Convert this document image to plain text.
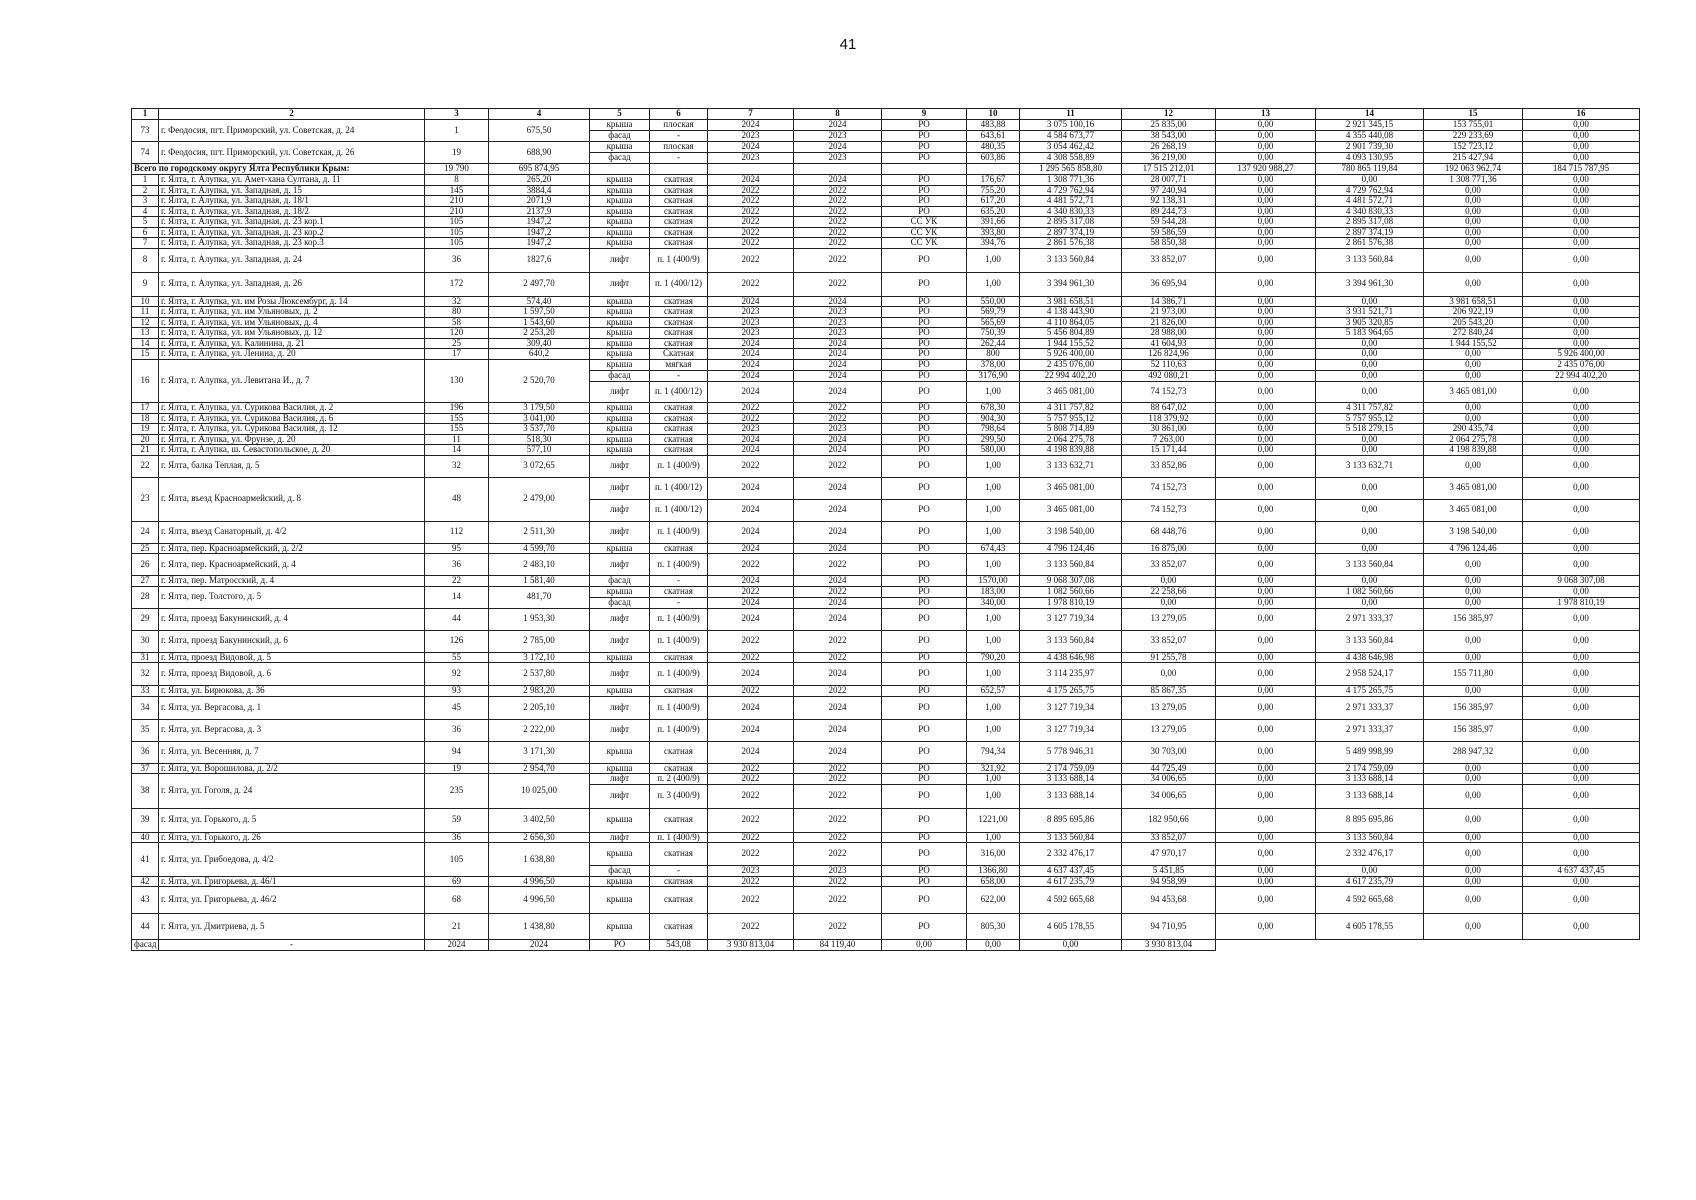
41
1	2	3	4	5	6	7	8	9	10	11	12	13	14	15	16
73	г. Феодосия, пгт. Приморский, ул. Советская, д. 24	1	675,50	крыша	плоская	2024	2024	РО	483,88	3 075 100,16	25 835,00	0,00	2 921 345,15	153 755,01	0,00
				фасад	-	2023	2023	РО	643,61	4 584 673,77	38 543,00	0,00	4 355 440,08	229 233,69	0,00
74	г. Феодосия, пгт. Приморский, ул. Советская, д. 26	19	688,90	крыша	плоская	2024	2024	РО	480,35	3 054 462,42	26 268,19	0,00	2 901 739,30	152 723,12	0,00
				фасад	-	2023	2023	РО	603,86	4 308 558,89	36 219,00	0,00	4 093 130,95	215 427,94	0,00
Всего по городскому округу Ялта Республики Крым:		19 790	695 874,95							1 295 565 858,80	17 515 212,01	137 920 988,27	780 865 119,84	192 063 962,74	184 715 787,95
1	г. Ялта, г. Алупка, ул. Амет-хана Султана, д. 11	8	265,20	крыша	скатная	2024	2024	РО	176,67	1 308 771,36	28 007,71	0,00	0,00	1 308 771,36	0,00
2	г. Ялта, г. Алупка, ул. Западная, д. 15	145	3884,4	крыша	скатная	2022	2022	РО	755,20	4 729 762,94	97 240,94	0,00	4 729 762,94	0,00	0,00
3	г. Ялта, г. Алупка, ул. Западная, д. 18/1	210	2071,9	крыша	скатная	2022	2022	РО	617,20	4 481 572,71	92 138,31	0,00	4 481 572,71	0,00	0,00
4	г. Ялта, г. Алупка, ул. Западная, д. 18/2	210	2137,9	крыша	скатная	2022	2022	РО	635,20	4 340 830,33	89 244,73	0,00	4 340 830,33	0,00	0,00
5	г. Ялта, г. Алупка, ул. Западная, д. 23 кор.1	105	1947,2	крыша	скатная	2022	2022	СС УК	391,66	2 895 317,08	59 544,28	0,00	2 895 317,08	0,00	0,00
6	г. Ялта, г. Алупка, ул. Западная, д. 23 кор.2	105	1947,2	крыша	скатная	2022	2022	СС УК	393,80	2 897 374,19	59 586,59	0,00	2 897 374,19	0,00	0,00
7	г. Ялта, г. Алупка, ул. Западная, д. 23 кор.3	105	1947,2	крыша	скатная	2022	2022	СС УК	394,76	2 861 576,38	58 850,38	0,00	2 861 576,38	0,00	0,00
8	г. Ялта, г. Алупка, ул. Западная, д. 24	36	1827,6	лифт	п. 1 (400/9)	2022	2022	РО	1,00	3 133 560,84	33 852,07	0,00	3 133 560,84	0,00	0,00
9	г. Ялта, г. Алупка, ул. Западная, д. 26	172	2 497,70	лифт	п. 1 (400/12)	2022	2022	РО	1,00	3 394 961,30	36 695,94	0,00	3 394 961,30	0,00	0,00
10	г. Ялта, г. Алупка, ул. им Розы Люксембург, д. 14	32	574,40	крыша	скатная	2024	2024	РО	550,00	3 981 658,51	14 386,71	0,00	0,00	3 981 658,51	0,00
11	г. Ялта, г. Алупка, ул. им Ульяновых, д. 2	80	1 597,50	крыша	скатная	2023	2023	РО	569,79	4 138 443,90	21 973,00	0,00	3 931 521,71	206 922,19	0,00
12	г. Ялта, г. Алупка, ул. им Ульяновых, д. 4	58	1 543,60	крыша	скатная	2023	2023	РО	565,69	4 110 864,05	21 826,00	0,00	3 905 320,85	205 543,20	0,00
13	г. Ялта, г. Алупка, ул. им Ульяновых, д. 12	120	2 253,20	крыша	скатная	2023	2023	РО	750,39	5 456 804,89	28 988,00	0,00	5 183 964,65	272 840,24	0,00
14	г. Ялта, г. Алупка, ул. Калинина, д. 21	25	309,40	крыша	скатная	2024	2024	РО	262,44	1 944 155,52	41 604,93	0,00	0,00	1 944 155,52	0,00
15	г. Ялта, г. Алупка, ул. Ленина, д. 20	17	640,2	крыша	Скатная	2024	2024	РО	800	5 926 400,00	126 824,96	0,00	0,00	0,00	5 926 400,00
16	г. Ялта, г. Алупка, ул. Левитана И., д. 7	130	2 520,70	крыша	мягкая	2024	2024	РО	378,00	2 435 076,00	52 110,63	0,00	0,00	0,00	2 435 076,00
				фасад	-	2024	2024	РО	3176,90	22 994 402,20	492 080,21	0,00	0,00	0,00	22 994 402,20
				лифт	п. 1 (400/12)	2024	2024	РО	1,00	3 465 081,00	74 152,73	0,00	0,00	3 465 081,00	0,00
17	г. Ялта, г. Алупка, ул. Сурикова Василия, д. 2	196	3 179,50	крыша	скатная	2022	2022	РО	678,30	4 311 757,82	88 647,02	0,00	4 311 757,82	0,00	0,00
18	г. Ялта, г. Алупка, ул. Сурикова Василия, д. 6	155	3 041,00	крыша	скатная	2022	2022	РО	904,30	5 757 955,12	118 379,92	0,00	5 757 955,12	0,00	0,00
19	г. Ялта, г. Алупка, ул. Сурикова Василия, д. 12	155	3 537,70	крыша	скатная	2023	2023	РО	798,64	5 808 714,89	30 861,00	0,00	5 518 279,15	290 435,74	0,00
20	г. Ялта, г. Алупка, ул. Фрунзе, д. 20	11	518,30	крыша	скатная	2024	2024	РО	299,50	2 064 275,78	7 263,00	0,00	0,00	2 064 275,78	0,00
21	г. Ялта, г. Алупка, ш. Севастопольское, д. 20	14	577,10	крыша	скатная	2024	2024	РО	580,00	4 198 839,88	15 171,44	0,00	0,00	4 198 839,88	0,00
22	г. Ялта, балка Теплая, д. 5	32	3 072,65	лифт	п. 1 (400/9)	2022	2022	РО	1,00	3 133 632,71	33 852,86	0,00	3 133 632,71	0,00	0,00
23	г. Ялта, въезд Красноармейский, д. 8	48	2 479,00	лифт	п. 1 (400/12)	2024	2024	РО	1,00	3 465 081,00	74 152,73	0,00	0,00	3 465 081,00	0,00
				лифт	п. 1 (400/12)	2024	2024	РО	1,00	3 465 081,00	74 152,73	0,00	0,00	3 465 081,00	0,00
24	г. Ялта, въезд Санаторный, д. 4/2	112	2 511,30	лифт	п. 1 (400/9)	2024	2024	РО	1,00	3 198 540,00	68 448,76	0,00	0,00	3 198 540,00	0,00
25	г. Ялта, пер. Красноармейский, д. 2/2	95	4 599,70	крыша	скатная	2024	2024	РО	674,43	4 796 124,46	16 875,00	0,00	0,00	4 796 124,46	0,00
26	г. Ялта, пер. Красноармейский, д. 4	36	2 483,10	лифт	п. 1 (400/9)	2022	2022	РО	1,00	3 133 560,84	33 852,07	0,00	3 133 560,84	0,00	0,00
27	г. Ялта, пер. Матросский, д. 4	22	1 581,40	фасад	-	2024	2024	РО	1570,00	9 068 307,08	0,00	0,00	0,00	0,00	9 068 307,08
28	г. Ялта, пер. Толстого, д. 5	14	481,70	крыша	скатная	2022	2022	РО	183,00	1 082 560,66	22 258,66	0,00	1 082 560,66	0,00	0,00
				фасад	-	2024	2024	РО	340,00	1 978 810,19	0,00	0,00	0,00	0,00	1 978 810,19
29	г. Ялта, проезд Бакунинский, д. 4	44	1 953,30	лифт	п. 1 (400/9)	2024	2024	РО	1,00	3 127 719,34	13 279,05	0,00	2 971 333,37	156 385,97	0,00
30	г. Ялта, проезд Бакунинский, д. 6	126	2 785,00	лифт	п. 1 (400/9)	2022	2022	РО	1,00	3 133 560,84	33 852,07	0,00	3 133 560,84	0,00	0,00
31	г. Ялта, проезд Видовой, д. 5	55	3 172,10	крыша	скатная	2022	2022	РО	790,20	4 438 646,98	91 255,78	0,00	4 438 646,98	0,00	0,00
32	г. Ялта, проезд Видовой, д. 6	92	2 537,80	лифт	п. 1 (400/9)	2024	2024	РО	1,00	3 114 235,97	0,00	0,00	2 958 524,17	155 711,80	0,00
33	г. Ялта, ул. Бирюкова, д. 36	93	2 983,20	крыша	скатная	2022	2022	РО	652,57	4 175 265,75	85 867,35	0,00	4 175 265,75	0,00	0,00
34	г. Ялта, ул. Вергасова, д. 1	45	2 205,10	лифт	п. 1 (400/9)	2024	2024	РО	1,00	3 127 719,34	13 279,05	0,00	2 971 333,37	156 385,97	0,00
35	г. Ялта, ул. Вергасова, д. 3	36	2 222,00	лифт	п. 1 (400/9)	2024	2024	РО	1,00	3 127 719,34	13 279,05	0,00	2 971 333,37	156 385,97	0,00
36	г. Ялта, ул. Весенняя, д. 7	94	3 171,30	крыша	скатная	2024	2024	РО	794,34	5 778 946,31	30 703,00	0,00	5 489 998,99	288 947,32	0,00
37	г. Ялта, ул. Ворошилова, д. 2/2	19	2 954,70	крыша	скатная	2022	2022	РО	321,92	2 174 759,09	44 725,49	0,00	2 174 759,09	0,00	0,00
38	г. Ялта, ул. Гоголя, д. 24	235	10 025,00	лифт	п. 2 (400/9)	2022	2022	РО	1,00	3 133 688,14	34 006,65	0,00	3 133 688,14	0,00	0,00
				лифт	п. 3 (400/9)	2022	2022	РО	1,00	3 133 688,14	34 006,65	0,00	3 133 688,14	0,00	0,00
39	г. Ялта, ул. Горького, д. 5	59	3 402,50	крыша	скатная	2022	2022	РО	1221,00	8 895 695,86	182 950,66	0,00	8 895 695,86	0,00	0,00
40	г. Ялта, ул. Горького, д. 26	36	2 656,30	лифт	п. 1 (400/9)	2022	2022	РО	1,00	3 133 560,84	33 852,07	0,00	3 133 560,84	0,00	0,00
41	г. Ялта, ул. Грибоедова, д. 4/2	105	1 638,80	крыша	скатная	2022	2022	РО	316,00	2 332 476,17	47 970,17	0,00	2 332 476,17	0,00	0,00
				фасад	-	2023	2023	РО	1366,80	4 637 437,45	5 451,85	0,00	0,00	0,00	4 637 437,45
42	г. Ялта, ул. Григорьева, д. 46/1	69	4 996,50	крыша	скатная	2022	2022	РО	658,00	4 617 235,79	94 958,99	0,00	4 617 235,79	0,00	0,00
43	г. Ялта, ул. Григорьева, д. 46/2	68	4 996,50	крыша	скатная	2022	2022	РО	622,00	4 592 665,68	94 453,68	0,00	4 592 665,68	0,00	0,00
44	г. Ялта, ул. Дмитриева, д. 5	21	1 438,80	крыша	скатная	2022	2022	РО	805,30	4 605 178,55	94 710,95	0,00	4 605 178,55	0,00	0,00
фасад	-	2024	2024	РО	543,08	3 930 813,04	84 119,40	0,00	0,00	0,00	3 930 813,04				
